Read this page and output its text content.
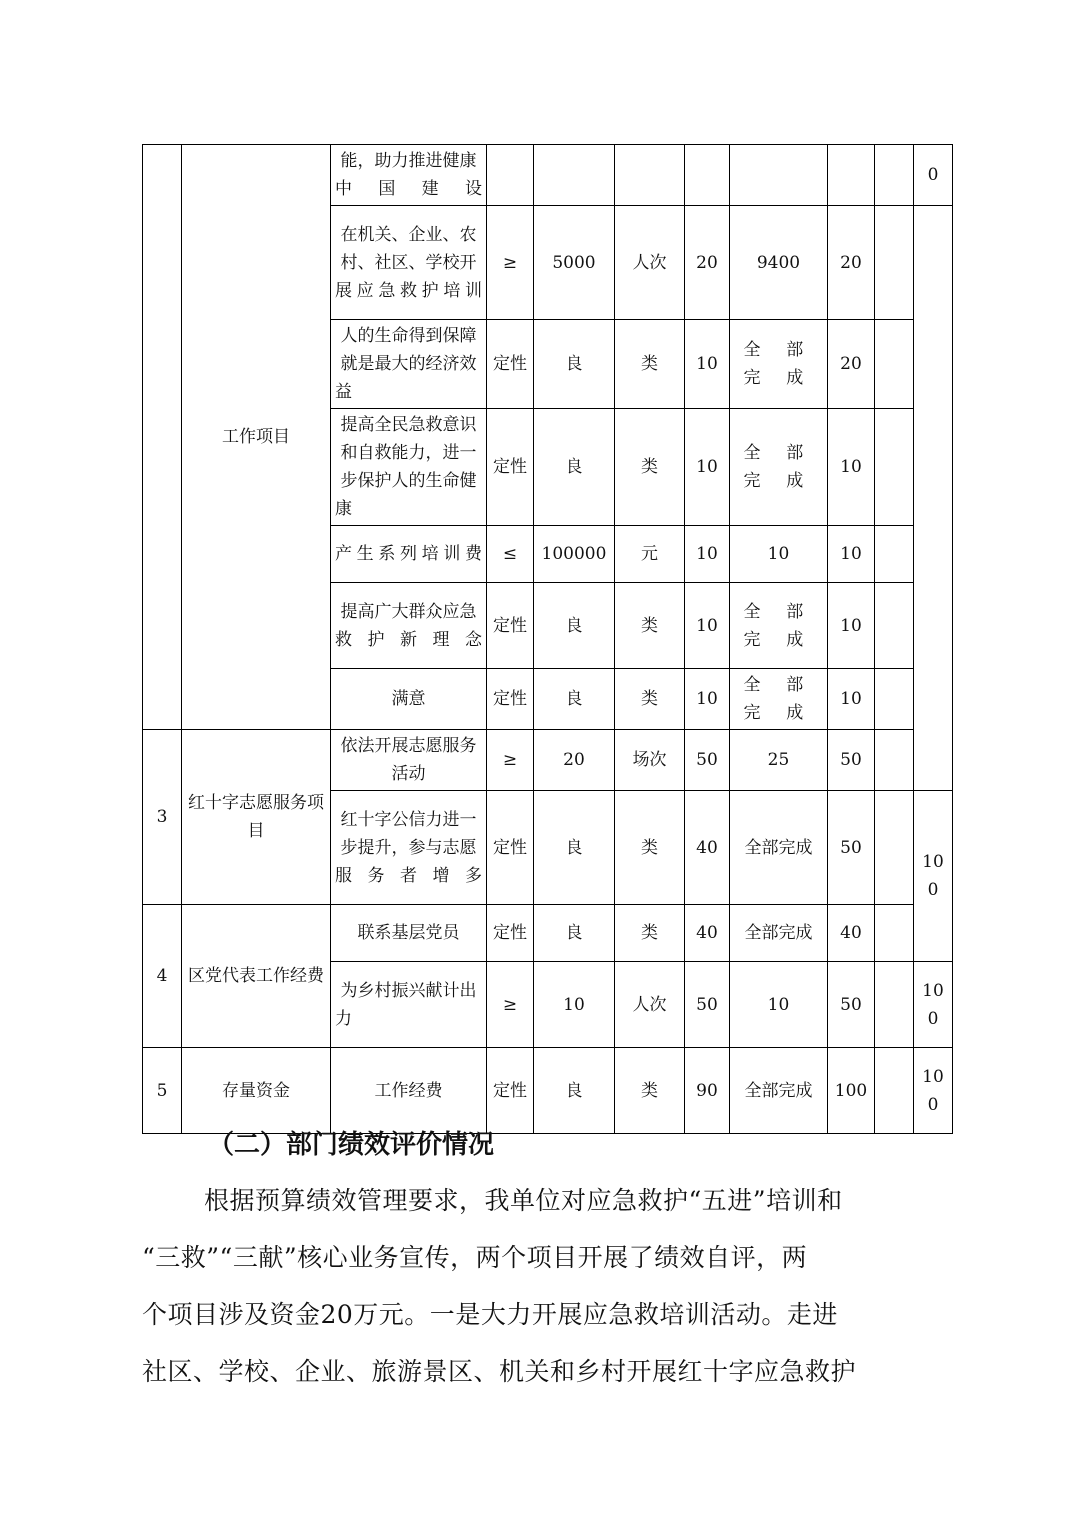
	工作项目	能，助力推进健康中国建设								0
		在机关、企业、农村、社区、学校开展应急救护培训	≥	5000	人次	20	9400	20		
		人的生命得到保障就是最大的经济效益	定性	良	类	10	全 部 完 成	20		
		提高全民急救意识和自救能力，进一步保护人的生命健康	定性	良	类	10	全 部 完 成	10		
		产生系列培训费	≤	100000	元	10	10	10		
		提高广大群众应急救护新理念	定性	良	类	10	全 部 完 成	10		
		满意	定性	良	类	10	全 部 完 成	10		
3	红十字志愿服务项目	依法开展志愿服务活动	≥	20	场次	50	25	50		
		红十字公信力进一步提升，参与志愿服务者增多	定性	良	类	40	全部完成	50		100
4	区党代表工作经费	联系基层党员	定性	良	类	40	全部完成	40		
		为乡村振兴献计出力	≥	10	人次	50	10	50		100
5	存量资金	工作经费	定性	良	类	90	全部完成	100		100
（二）部门绩效评价情况
根据预算绩效管理要求，我单位对应急救护“五进”培训和
“三救”“三献”核心业务宣传，两个项目开展了绩效自评，两
个项目涉及资金20万元。一是大力开展应急救培训活动。走进
社区、学校、企业、旅游景区、机关和乡村开展红十字应急救护
